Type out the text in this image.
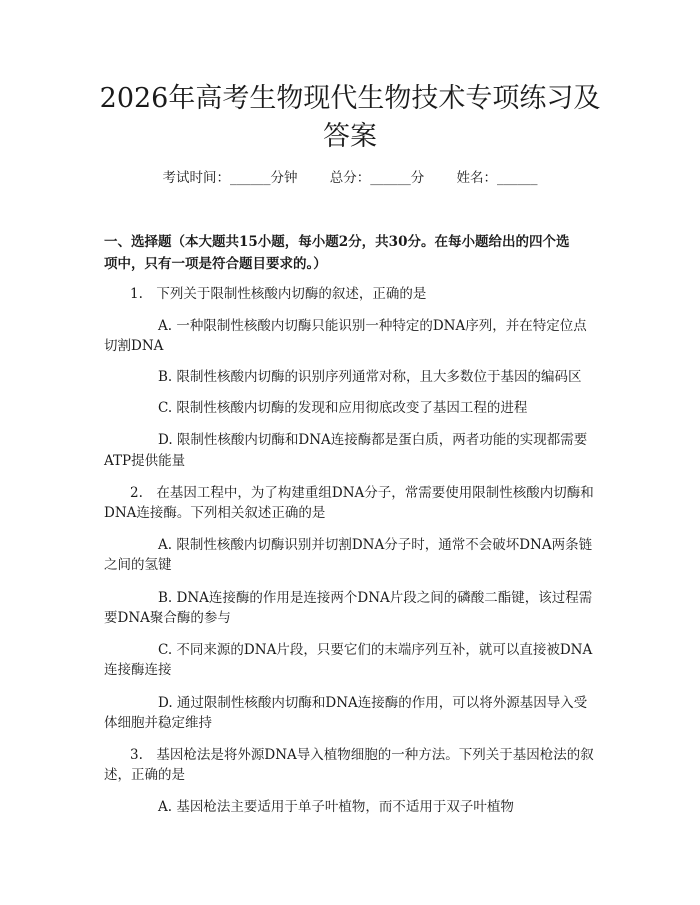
2026年高考生物现代生物技术专项练习及答案
考试时间：______分钟 总分：______分 姓名：______
一、选择题（本大题共15小题，每小题2分，共30分。在每小题给出的四个选
项中，只有一项是符合题目要求的。）
1.　下列关于限制性核酸内切酶的叙述，正确的是
A. 一种限制性核酸内切酶只能识别一种特定的DNA序列，并在特定位点
切割DNA
B. 限制性核酸内切酶的识别序列通常对称，且大多数位于基因的编码区
C. 限制性核酸内切酶的发现和应用彻底改变了基因工程的进程
D. 限制性核酸内切酶和DNA连接酶都是蛋白质，两者功能的实现都需要
ATP提供能量
2.　在基因工程中，为了构建重组DNA分子，常需要使用限制性核酸内切酶和
DNA连接酶。下列相关叙述正确的是
A. 限制性核酸内切酶识别并切割DNA分子时，通常不会破坏DNA两条链
之间的氢键
B. DNA连接酶的作用是连接两个DNA片段之间的磷酸二酯键，该过程需
要DNA聚合酶的参与
C. 不同来源的DNA片段，只要它们的末端序列互补，就可以直接被DNA
连接酶连接
D. 通过限制性核酸内切酶和DNA连接酶的作用，可以将外源基因导入受
体细胞并稳定维持
3.　基因枪法是将外源DNA导入植物细胞的一种方法。下列关于基因枪法的叙
述，正确的是
A. 基因枪法主要适用于单子叶植物，而不适用于双子叶植物
